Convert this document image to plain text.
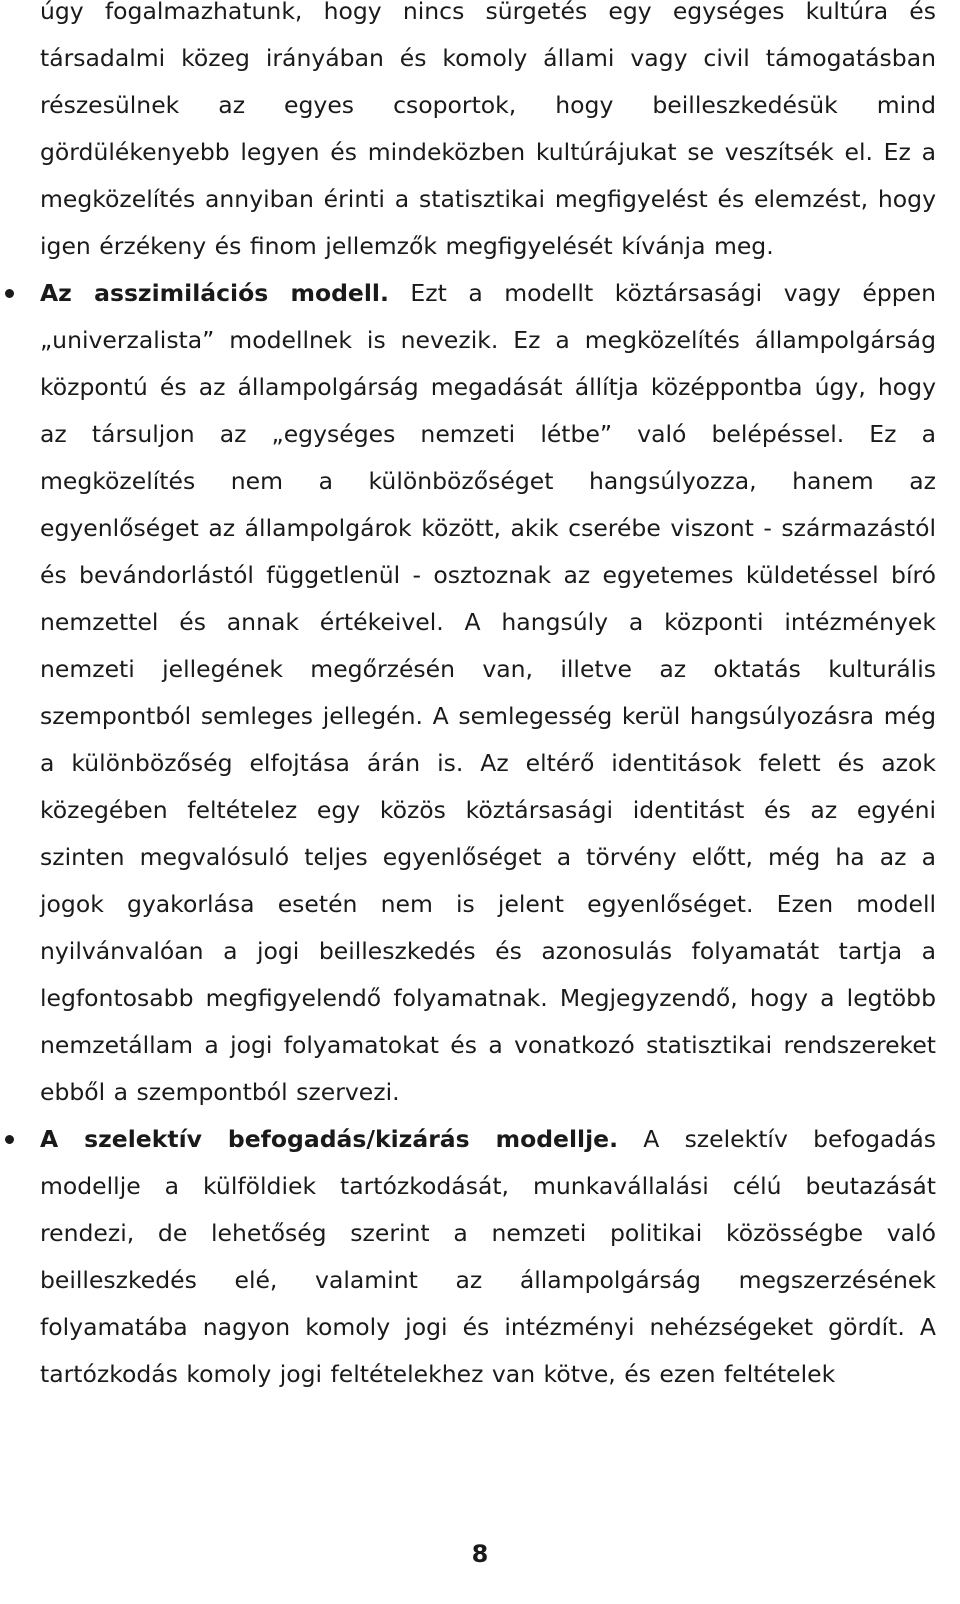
úgy fogalmazhatunk, hogy nincs sürgetés egy egységes kultúra és társadalmi közeg irányában és komoly állami vagy civil támogatásban részesülnek az egyes csoportok, hogy beilleszkedésük mind gördülékenyebb legyen és mindeközben kultúrájukat se veszítsék el. Ez a megközelítés annyiban érinti a statisztikai megfigyelést és elemzést, hogy igen érzékeny és finom jellemzők megfigyelését kívánja meg.

Az asszimilációs modell. Ezt a modellt köztársasági vagy éppen „univerzalista” modellnek is nevezik. Ez a megközelítés állampolgárság központú és az állampolgárság megadását állítja középpontba úgy, hogy az társuljon az „egységes nemzeti létbe” való belépéssel. Ez a megközelítés nem a különbözőséget hangsúlyozza, hanem az egyenlőséget az állampolgárok között, akik cserébe viszont - származástól és bevándorlástól függetlenül - osztoznak az egyetemes küldetéssel bíró nemzettel és annak értékeivel. A hangsúly a központi intézmények nemzeti jellegének megőrzésén van, illetve az oktatás kulturális szempontból semleges jellegén. A semlegesség kerül hangsúlyozásra még a különbözőség elfojtása árán is. Az eltérő identitások felett és azok közegében feltételez egy közös köztársasági identitást és az egyéni szinten megvalósuló teljes egyenlőséget a törvény előtt, még ha az a jogok gyakorlása esetén nem is jelent egyenlőséget. Ezen modell nyilvánvalóan a jogi beilleszkedés és azonosulás folyamatát tartja a legfontosabb megfigyelendő folyamatnak. Megjegyzendő, hogy a legtöbb nemzetállam a jogi folyamatokat és a vonatkozó statisztikai rendszereket ebből a szempontból szervezi.

A szelektív befogadás/kizárás modellje. A szelektív befogadás modellje a külföldiek tartózkodását, munkavállalási célú beutazását rendezi, de lehetőség szerint a nemzeti politikai közösségbe való beilleszkedés elé, valamint az állampolgárság megszerzésének folyamatába nagyon komoly jogi és intézményi nehézségeket gördít. A tartózkodás komoly jogi feltételekhez van kötve, és ezen feltételek

8
